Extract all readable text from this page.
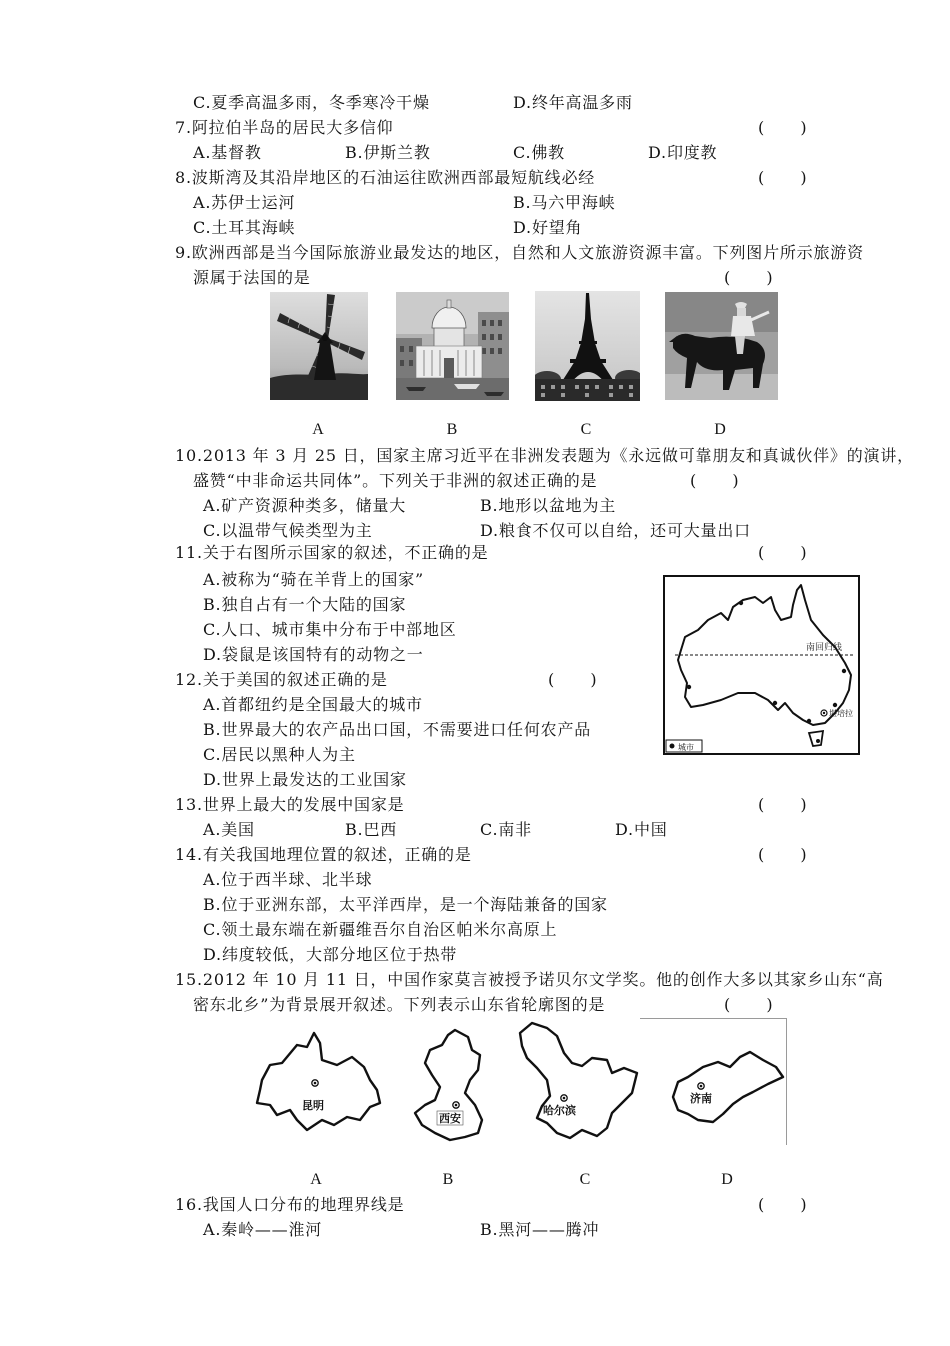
C.夏季高温多雨，冬季寒冷干燥	D.终年高温多雨
7.阿拉伯半岛的居民大多信仰	(      )
A.基督教	B.伊斯兰教	C.佛教	D.印度教
8.波斯湾及其沿岸地区的石油运往欧洲西部最短航线必经	(      )
A.苏伊士运河	B.马六甲海峡
C.土耳其海峡	D.好望角
9.欧洲西部是当今国际旅游业最发达的地区，自然和人文旅游资源丰富。下列图片所示旅游资
源属于法国的是	(      )
A	B	C	D
10.2013 年 3 月 25 日，国家主席习近平在非洲发表题为《永远做可靠朋友和真诚伙伴》的演讲，
盛赞“中非命运共同体”。下列关于非洲的叙述正确的是	(      )
A.矿产资源种类多，储量大	B.地形以盆地为主
C.以温带气候类型为主	D.粮食不仅可以自给，还可大量出口
11.关于右图所示国家的叙述，不正确的是	(      )
A.被称为“骑在羊背上的国家”
B.独自占有一个大陆的国家
C.人口、城市集中分布于中部地区
D.袋鼠是该国特有的动物之一	南回归线
堪培拉
城市
12.关于美国的叙述正确的是	(      )
A.首都纽约是全国最大的城市
B.世界最大的农产品出口国，不需要进口任何农产品
C.居民以黑种人为主
D.世界上最发达的工业国家
13.世界上最大的发展中国家是	(      )
A.美国	B.巴西	C.南非	D.中国
14.有关我国地理位置的叙述，正确的是	(      )
A.位于西半球、北半球
B.位于亚洲东部，太平洋西岸，是一个海陆兼备的国家
C.领土最东端在新疆维吾尔自治区帕米尔高原上
D.纬度较低，大部分地区位于热带
15.2012 年 10 月 11 日，中国作家莫言被授予诺贝尔文学奖。他的创作大多以其家乡山东“高
密东北乡”为背景展开叙述。下列表示山东省轮廓图的是	(      )
昆明
西安
哈尔滨
济南
A	B	C	D
16.我国人口分布的地理界线是	(      )
A.秦岭——淮河	B.黑河——腾冲
